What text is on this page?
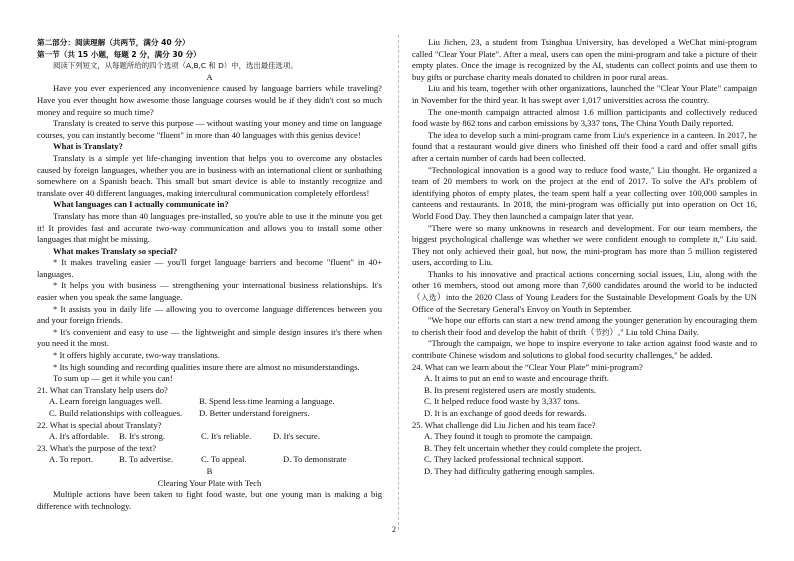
第二部分：阅读理解（共两节，满分 40 分）

第一节（共 15 小题，每题 2 分，满分 30 分）

阅读下列短文，从每题所给的四个选项（A,B,C 和 D）中，选出最佳选项。

A

Have you ever experienced any inconvenience caused by language barriers while traveling? Have you ever thought how awesome those language courses would be if they didn't cost so much money and require so much time?

Translaty is created to serve this purpose — without wasting your money and time on language courses, you can instantly become "fluent" in more than 40 languages with this genius device!

What is Translaty?

Translaty is a simple yet life-changing invention that helps you to overcome any obstacles caused by foreign languages, whether you are in business with an international client or sunbathing somewhere on a Spanish beach. This small but smart device is able to instantly recognize and translate over 40 different languages, making intercultural communication completely effortless!

What languages can I actually communicate in?

Translaty has more than 40 languages pre-installed, so you're able to use it the minute you get it! It provides fast and accurate two-way communication and allows you to install some other languages that might be missing.

What makes Translaty so special?

* It makes traveling easier — you'll forget language barriers and become "fluent" in 40+ languages.

* It helps you with business — strengthening your international business relationships. It's easier when you speak the same language.

* It assists you in daily life — allowing you to overcome language differences between you and your foreign friends.

* It's convenient and easy to use — the lightweight and simple design insures it's there when you need it the most.

* It offers highly accurate, two-way translations.

* Its high sounding and recording qualities insure there are almost no misunderstandings.

To sum up — get it while you can!

21. What can Translaty help users do?

A. Learn foreign languages well.	B. Spend less time learning a language.
C. Build relationships with colleagues.	D. Better understand foreigners.

22. What is special about Translaty?

A. It's affordable.	B. It's strong.	C. It's reliable.	D. It's secure.

23. What's the purpose of the text?

A. To report.	B. To advertise.	C. To appeal.	D. To demonstrate

B

Clearing Your Plate with Tech

Multiple actions have been taken to fight food waste, but one young man is making a big difference with technology.

Liu Jichen, 23, a student from Tsinghua University, has developed a WeChat mini-program called "Clear Your Plate". After a meal, users can open the mini-program and take a picture of their empty plates. Once the image is recognized by the AI, students can collect points and use them to buy gifts or purchase charity meals donated to children in poor rural areas.

Liu and his team, together with other organizations, launched the "Clear Your Plate" campaign in November for the third year. It has swept over 1,017 universities across the country.

The one-month campaign attracted almost 1.6 million participants and collectively reduced food waste by 862 tons and carbon emissions by 3,337 tons, The China Youth Daily reported.

The idea to develop such a mini-program came from Liu's experience in a canteen. In 2017, he found that a restaurant would give diners who finished off their food a card and offer small gifts after a certain number of cards had been collected.

"Technological innovation is a good way to reduce food waste," Liu thought. He organized a team of 20 members to work on the project at the end of 2017. To solve the AI's problem of identifying photos of empty plates, the team spent half a year collecting over 100,000 samples in canteens and restaurants. In 2018, the mini-program was officially put into operation on Oct 16, World Food Day. They then launched a campaign later that year.

"There were so many unknowns in research and development. For our team members, the biggest psychological challenge was whether we were confident enough to complete it," Liu said. They not only achieved their goal, but now, the mini-program has more than 5 million registered users, according to Liu.

Thanks to his innovative and practical actions concerning social issues, Liu, along with the other 16 members, stood out among more than 7,600 candidates around the world to be inducted（入选）into the 2020 Class of Young Leaders for the Sustainable Development Goals by the UN Office of the Secretary General's Envoy on Youth in September.

"We hope our efforts can start a new trend among the younger generation by encouraging them to cherish their food and develop the habit of thrift（节约）," Liu told China Daily.

"Through the campaign, we hope to inspire everyone to take action against food waste and to contribute Chinese wisdom and solutions to global food security challenges," he added.

24. What can we learn about the “Clear Your Plate” mini-program?

A. It aims to put an end to waste and encourage thrift.

B. Its present registered users are mostly students.

C. It helped reduce food waste by 3,337 tons.

D. It is an exchange of good deeds for rewards.

25. What challenge did Liu Jichen and his team face?

A. They found it tough to promote the campaign.

B. They felt uncertain whether they could complete the project.

C. They lacked professional technical support.

D. They had difficulty gathering enough samples.

2
